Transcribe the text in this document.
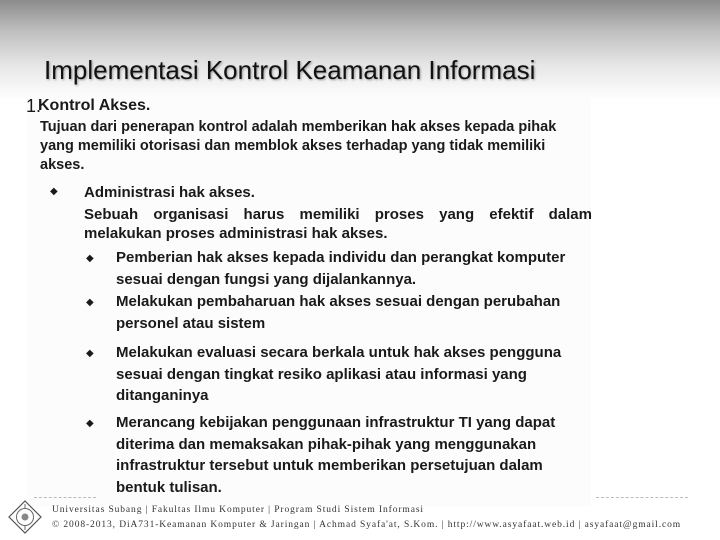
Implementasi Kontrol Keamanan Informasi
1.
Kontrol Akses.
Tujuan dari penerapan kontrol adalah memberikan hak akses kepada pihak yang memiliki otorisasi dan memblok akses terhadap yang tidak memiliki akses.
◆ Administrasi hak akses.
Sebuah organisasi harus memiliki proses yang efektif dalam melakukan proses administrasi hak akses.
◆ Pemberian hak akses kepada individu dan perangkat komputer sesuai dengan fungsi yang dijalankannya.
◆ Melakukan pembaharuan hak akses sesuai dengan perubahan personel atau sistem
◆ Melakukan evaluasi secara berkala untuk hak akses pengguna sesuai dengan tingkat resiko aplikasi atau informasi yang ditanganinya
◆ Merancang kebijakan penggunaan infrastruktur TI yang dapat diterima dan memaksakan pihak-pihak yang menggunakan infrastruktur tersebut untuk memberikan persetujuan dalam bentuk tulisan.
Universitas Subang | Fakultas Ilmu Komputer | Program Studi Sistem Informasi
© 2008-2013, DiA731-Keamanan Komputer & Jaringan | Achmad Syafa'at, S.Kom. | http://www.asyafaat.web.id | asyafaat@gmail.com
